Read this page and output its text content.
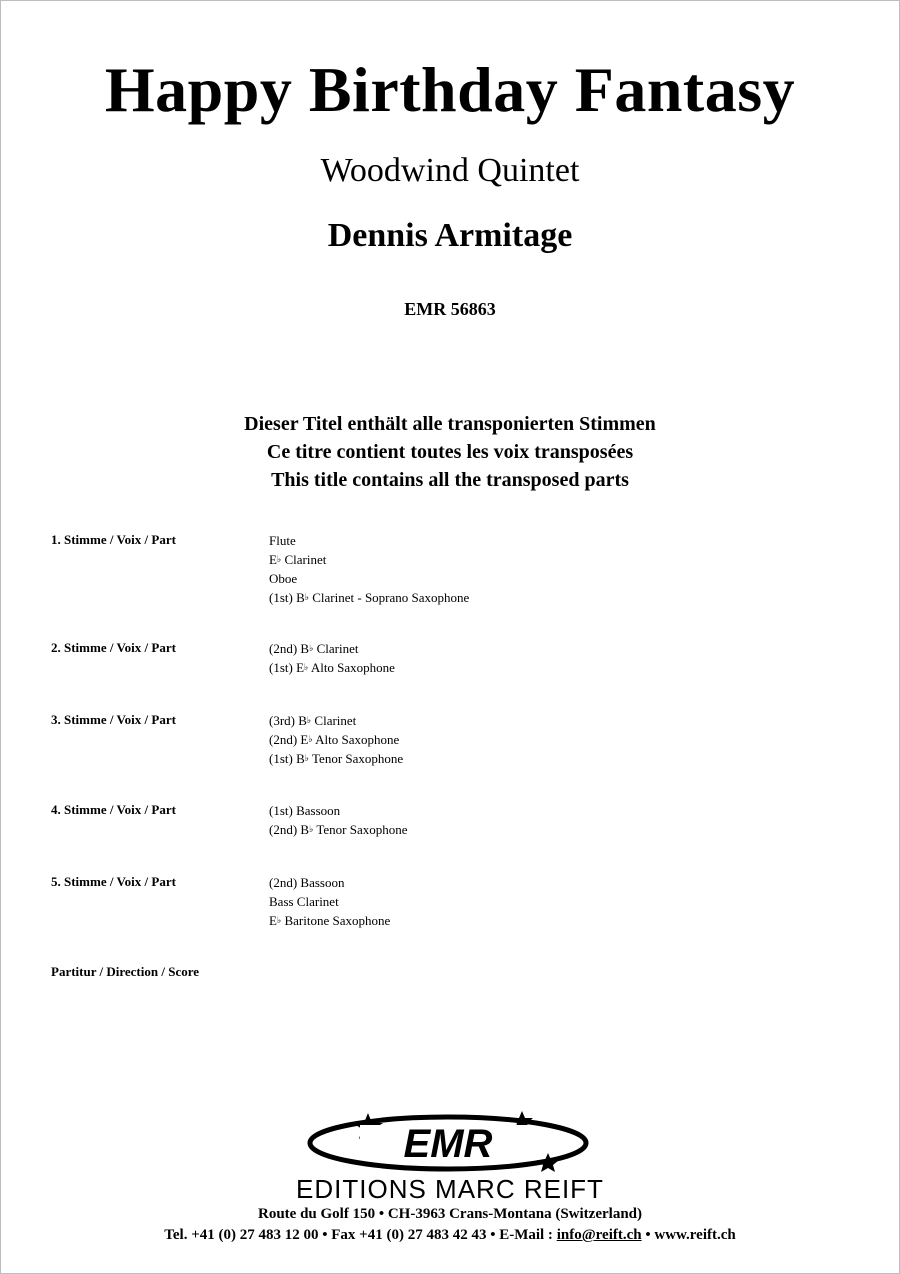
Happy Birthday Fantasy
Woodwind Quintet
Dennis Armitage
EMR 56863
Dieser Titel enthält alle transponierten Stimmen
Ce titre contient toutes les voix transposées
This title contains all the transposed parts
1. Stimme / Voix / Part	Flute
E♭ Clarinet
Oboe
(1st) B♭ Clarinet - Soprano Saxophone
2. Stimme / Voix / Part	(2nd) B♭ Clarinet
(1st) E♭ Alto Saxophone
3. Stimme / Voix / Part	(3rd) B♭ Clarinet
(2nd) E♭ Alto Saxophone
(1st) B♭ Tenor Saxophone
4. Stimme / Voix / Part	(1st) Bassoon
(2nd) B♭ Tenor Saxophone
5. Stimme / Voix / Part	(2nd) Bassoon
Bass Clarinet
E♭ Baritone Saxophone
Partitur / Direction / Score
EMR
EDITIONS MARC REIFT
Route du Golf 150 • CH-3963 Crans-Montana (Switzerland)
Tel. +41 (0) 27 483 12 00 • Fax +41 (0) 27 483 42 43 • E-Mail : info@reift.ch • www.reift.ch
